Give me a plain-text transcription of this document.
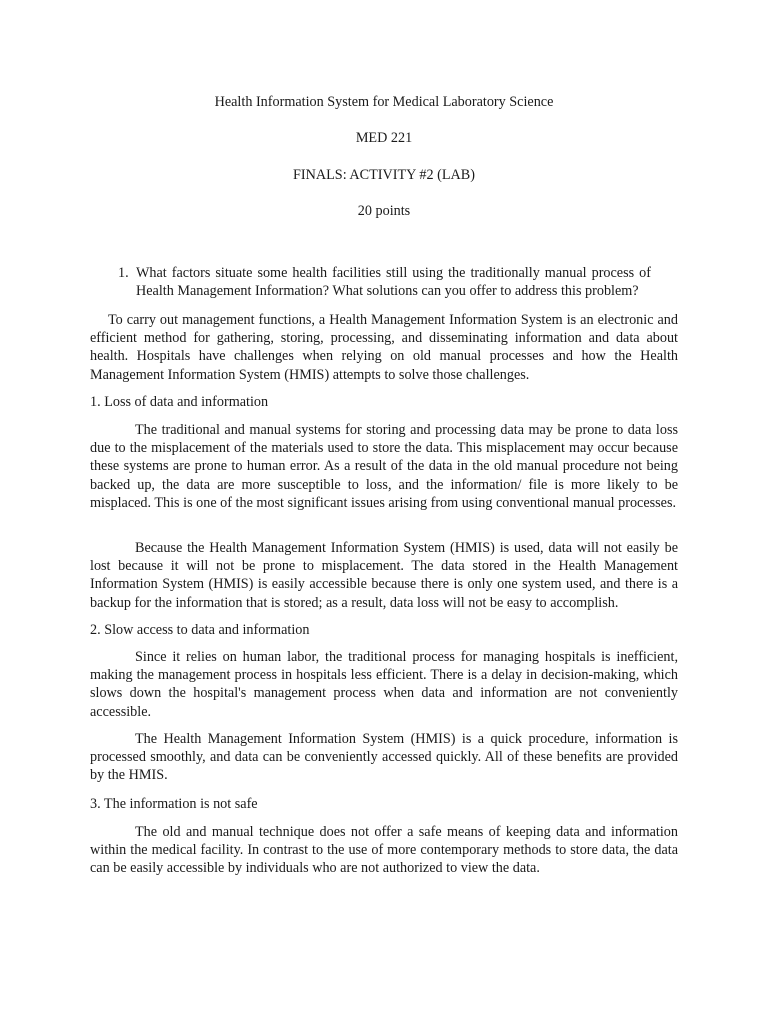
Health Information System for Medical Laboratory Science
MED 221
FINALS: ACTIVITY #2 (LAB)
20 points
1. What factors situate some health facilities still using the traditionally manual process of Health Management Information? What solutions can you offer to address this problem?

To carry out management functions, a Health Management Information System is an electronic and efficient method for gathering, storing, processing, and disseminating information and data about health. Hospitals have challenges when relying on old manual processes and how the Health Management Information System (HMIS) attempts to solve those challenges.

1. Loss of data and information

The traditional and manual systems for storing and processing data may be prone to data loss due to the misplacement of the materials used to store the data. This misplacement may occur because these systems are prone to human error. As a result of the data in the old manual procedure not being backed up, the data are more susceptible to loss, and the information/ file is more likely to be misplaced. This is one of the most significant issues arising from using conventional manual processes.

Because the Health Management Information System (HMIS) is used, data will not easily be lost because it will not be prone to misplacement. The data stored in the Health Management Information System (HMIS) is easily accessible because there is only one system used, and there is a backup for the information that is stored; as a result, data loss will not be easy to accomplish.

2. Slow access to data and information

Since it relies on human labor, the traditional process for managing hospitals is inefficient, making the management process in hospitals less efficient. There is a delay in decision-making, which slows down the hospital's management process when data and information are not conveniently accessible.

The Health Management Information System (HMIS) is a quick procedure, information is processed smoothly, and data can be conveniently accessed quickly. All of these benefits are provided by the HMIS.

3. The information is not safe

The old and manual technique does not offer a safe means of keeping data and information within the medical facility. In contrast to the use of more contemporary methods to store data, the data can be easily accessible by individuals who are not authorized to view the data.
